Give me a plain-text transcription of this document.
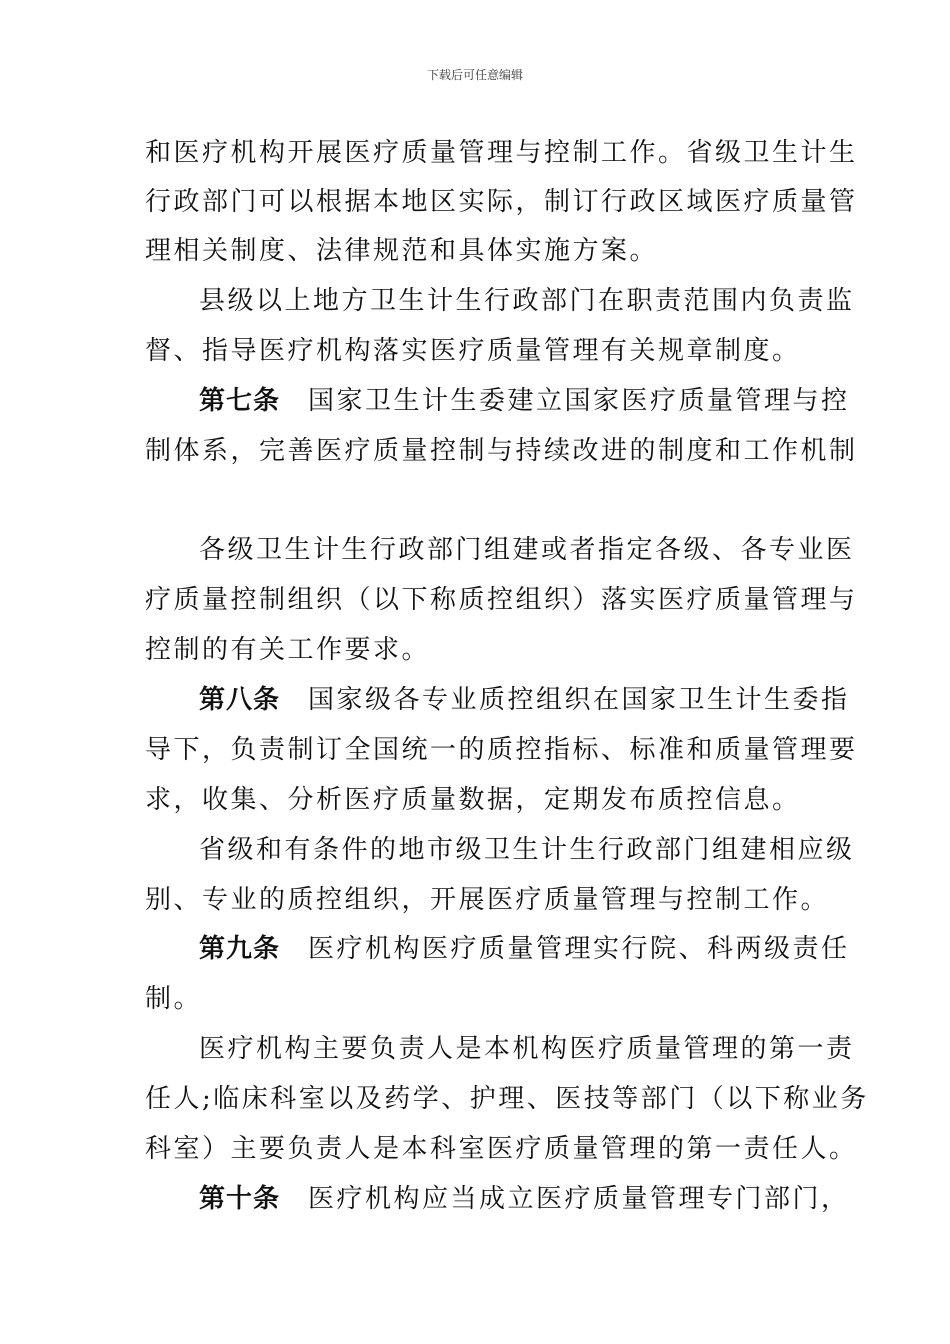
下载后可任意编辑
和医疗机构开展医疗质量管理与控制工作。省级卫生计生
行政部门可以根据本地区实际，制订行政区域医疗质量管
理相关制度、法律规范和具体实施方案。
县级以上地方卫生计生行政部门在职责范围内负责监
督、指导医疗机构落实医疗质量管理有关规章制度。
第七条 国家卫生计生委建立国家医疗质量管理与控
制体系，完善医疗质量控制与持续改进的制度和工作机制
各级卫生计生行政部门组建或者指定各级、各专业医
疗质量控制组织（以下称质控组织）落实医疗质量管理与
控制的有关工作要求。
第八条 国家级各专业质控组织在国家卫生计生委指
导下，负责制订全国统一的质控指标、标准和质量管理要
求，收集、分析医疗质量数据，定期发布质控信息。
省级和有条件的地市级卫生计生行政部门组建相应级
别、专业的质控组织，开展医疗质量管理与控制工作。
第九条 医疗机构医疗质量管理实行院、科两级责任
制。
医疗机构主要负责人是本机构医疗质量管理的第一责
任人;临床科室以及药学、护理、医技等部门（以下称业务
科室）主要负责人是本科室医疗质量管理的第一责任人。
第十条 医疗机构应当成立医疗质量管理专门部门，
